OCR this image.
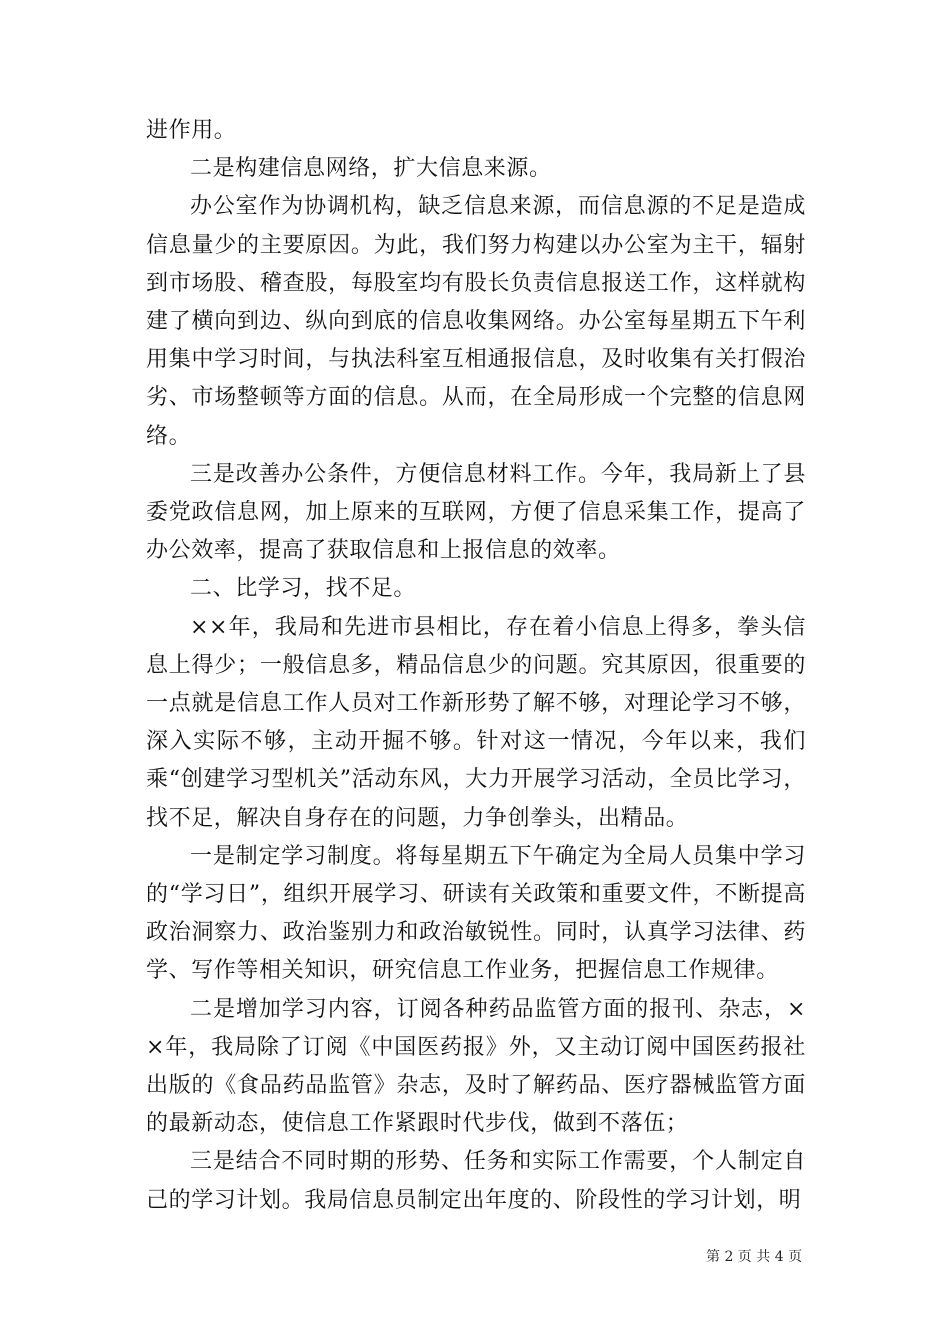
进作用。

二是构建信息网络，扩大信息来源。

办公室作为协调机构，缺乏信息来源，而信息源的不足是造成信息量少的主要原因。为此，我们努力构建以办公室为主干，辐射到市场股、稽查股，每股室均有股长负责信息报送工作，这样就构建了横向到边、纵向到底的信息收集网络。办公室每星期五下午利用集中学习时间，与执法科室互相通报信息，及时收集有关打假治劣、市场整顿等方面的信息。从而，在全局形成一个完整的信息网络。

三是改善办公条件，方便信息材料工作。今年，我局新上了县委党政信息网，加上原来的互联网，方便了信息采集工作，提高了办公效率，提高了获取信息和上报信息的效率。

二、比学习，找不足。

××年，我局和先进市县相比，存在着小信息上得多，拳头信息上得少；一般信息多，精品信息少的问题。究其原因，很重要的一点就是信息工作人员对工作新形势了解不够，对理论学习不够，深入实际不够，主动开掘不够。针对这一情况，今年以来，我们乘“创建学习型机关”活动东风，大力开展学习活动，全员比学习，找不足，解决自身存在的问题，力争创拳头，出精品。

一是制定学习制度。将每星期五下午确定为全局人员集中学习的“学习日”，组织开展学习、研读有关政策和重要文件，不断提高政治洞察力、政治鉴别力和政治敏锐性。同时，认真学习法律、药学、写作等相关知识，研究信息工作业务，把握信息工作规律。

二是增加学习内容，订阅各种药品监管方面的报刊、杂志，××年，我局除了订阅《中国医药报》外，又主动订阅中国医药报社出版的《食品药品监管》杂志，及时了解药品、医疗器械监管方面的最新动态，使信息工作紧跟时代步伐，做到不落伍；

三是结合不同时期的形势、任务和实际工作需要，个人制定自己的学习计划。我局信息员制定出年度的、阶段性的学习计划，明

第 2 页 共 4 页
